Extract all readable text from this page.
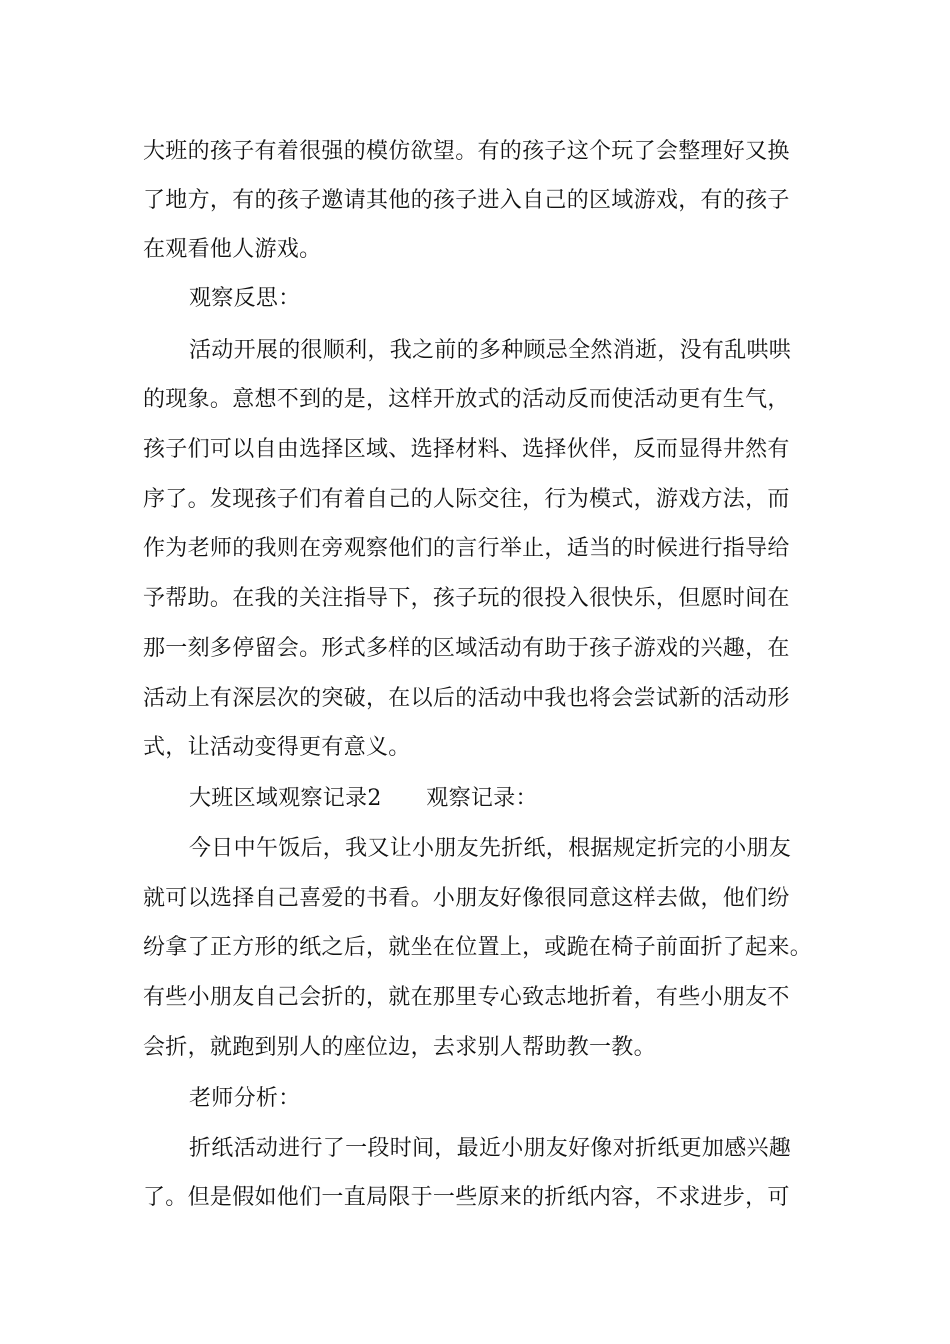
大班的孩子有着很强的模仿欲望。有的孩子这个玩了会整理好又换
了地方，有的孩子邀请其他的孩子进入自己的区域游戏，有的孩子
在观看他人游戏。
观察反思：
活动开展的很顺利，我之前的多种顾忌全然消逝，没有乱哄哄
的现象。意想不到的是，这样开放式的活动反而使活动更有生气，
孩子们可以自由选择区域、选择材料、选择伙伴，反而显得井然有
序了。发现孩子们有着自己的人际交往，行为模式，游戏方法，而
作为老师的我则在旁观察他们的言行举止，适当的时候进行指导给
予帮助。在我的关注指导下，孩子玩的很投入很快乐，但愿时间在
那一刻多停留会。形式多样的区域活动有助于孩子游戏的兴趣，在
活动上有深层次的突破，在以后的活动中我也将会尝试新的活动形
式，让活动变得更有意义。
大班区域观察记录2　　观察记录：
今日中午饭后，我又让小朋友先折纸，根据规定折完的小朋友
就可以选择自己喜爱的书看。小朋友好像很同意这样去做，他们纷
纷拿了正方形的纸之后，就坐在位置上，或跪在椅子前面折了起来。
有些小朋友自己会折的，就在那里专心致志地折着，有些小朋友不
会折，就跑到别人的座位边，去求别人帮助教一教。
老师分析：
折纸活动进行了一段时间，最近小朋友好像对折纸更加感兴趣
了。但是假如他们一直局限于一些原来的折纸内容，不求进步，可
